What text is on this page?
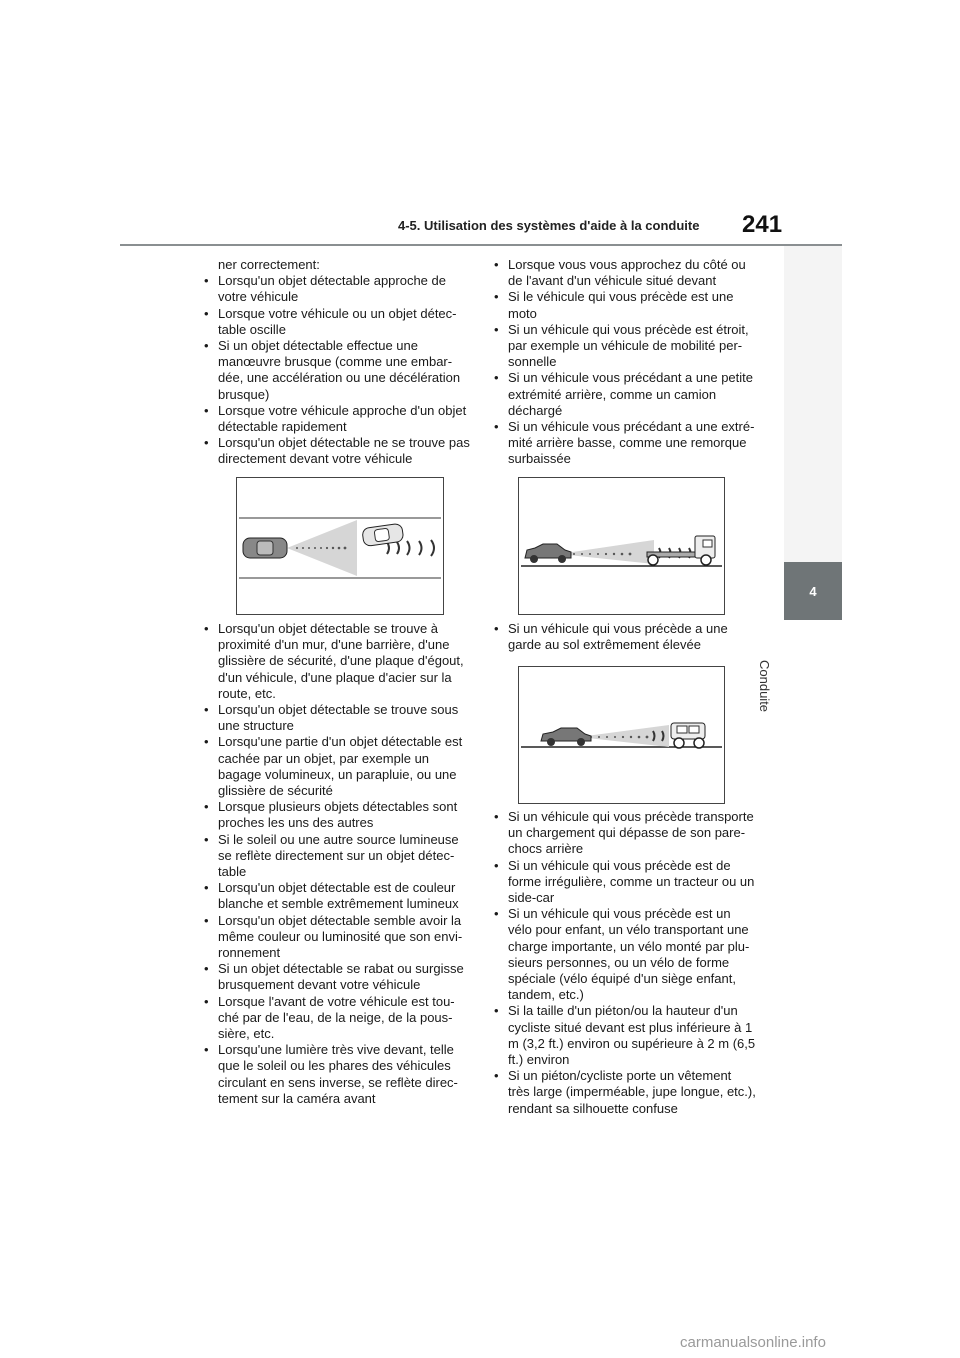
4-5. Utilisation des systèmes d'aide à la conduite 241
4
Conduite

ner correctement:

• Lorsqu'un objet détectable approche de votre véhicule
• Lorsque votre véhicule ou un objet détec-table oscille
• Si un objet détectable effectue une manœuvre brusque (comme une embar-dée, une accélération ou une décélération brusque)
• Lorsque votre véhicule approche d'un objet détectable rapidement
• Lorsqu'un objet détectable ne se trouve pas directement devant votre véhicule
• Lorsqu'un objet détectable se trouve à proximité d'un mur, d'une barrière, d'une glissière de sécurité, d'une plaque d'égout, d'un véhicule, d'une plaque d'acier sur la route, etc.
• Lorsqu'un objet détectable se trouve sous une structure
• Lorsqu'une partie d'un objet détectable est cachée par un objet, par exemple un bagage volumineux, un parapluie, ou une glissière de sécurité
• Lorsque plusieurs objets détectables sont proches les uns des autres
• Si le soleil ou une autre source lumineuse se reflète directement sur un objet détec-table
• Lorsqu'un objet détectable est de couleur blanche et semble extrêmement lumineux
• Lorsqu'un objet détectable semble avoir la même couleur ou luminosité que son envi-ronnement
• Si un objet détectable se rabat ou surgisse brusquement devant votre véhicule
• Lorsque l'avant de votre véhicule est tou-ché par de l'eau, de la neige, de la pous-sière, etc.
• Lorsqu'une lumière très vive devant, telle que le soleil ou les phares des véhicules circulant en sens inverse, se reflète direc-tement sur la caméra avant
• Lorsque vous vous approchez du côté ou de l'avant d'un véhicule situé devant
• Si le véhicule qui vous précède est une moto
• Si un véhicule qui vous précède est étroit, par exemple un véhicule de mobilité per-sonnelle
• Si un véhicule vous précédant a une petite extrémité arrière, comme un camion déchargé
• Si un véhicule vous précédant a une extré-mité arrière basse, comme une remorque surbaissée
• Si un véhicule qui vous précède a une garde au sol extrêmement élevée
• Si un véhicule qui vous précède transporte un chargement qui dépasse de son pare-chocs arrière
• Si un véhicule qui vous précède est de forme irrégulière, comme un tracteur ou un side-car
• Si un véhicule qui vous précède est un vélo pour enfant, un vélo transportant une charge importante, un vélo monté par plu-sieurs personnes, ou un vélo de forme spéciale (vélo équipé d'un siège enfant, tandem, etc.)
• Si la taille d'un piéton/ou la hauteur d'un cycliste situé devant est plus inférieure à 1 m (3,2 ft.) environ ou supérieure à 2 m (6,5 ft.) environ
• Si un piéton/cycliste porte un vêtement très large (imperméable, jupe longue, etc.), rendant sa silhouette confuse
carmanualsonline.info
